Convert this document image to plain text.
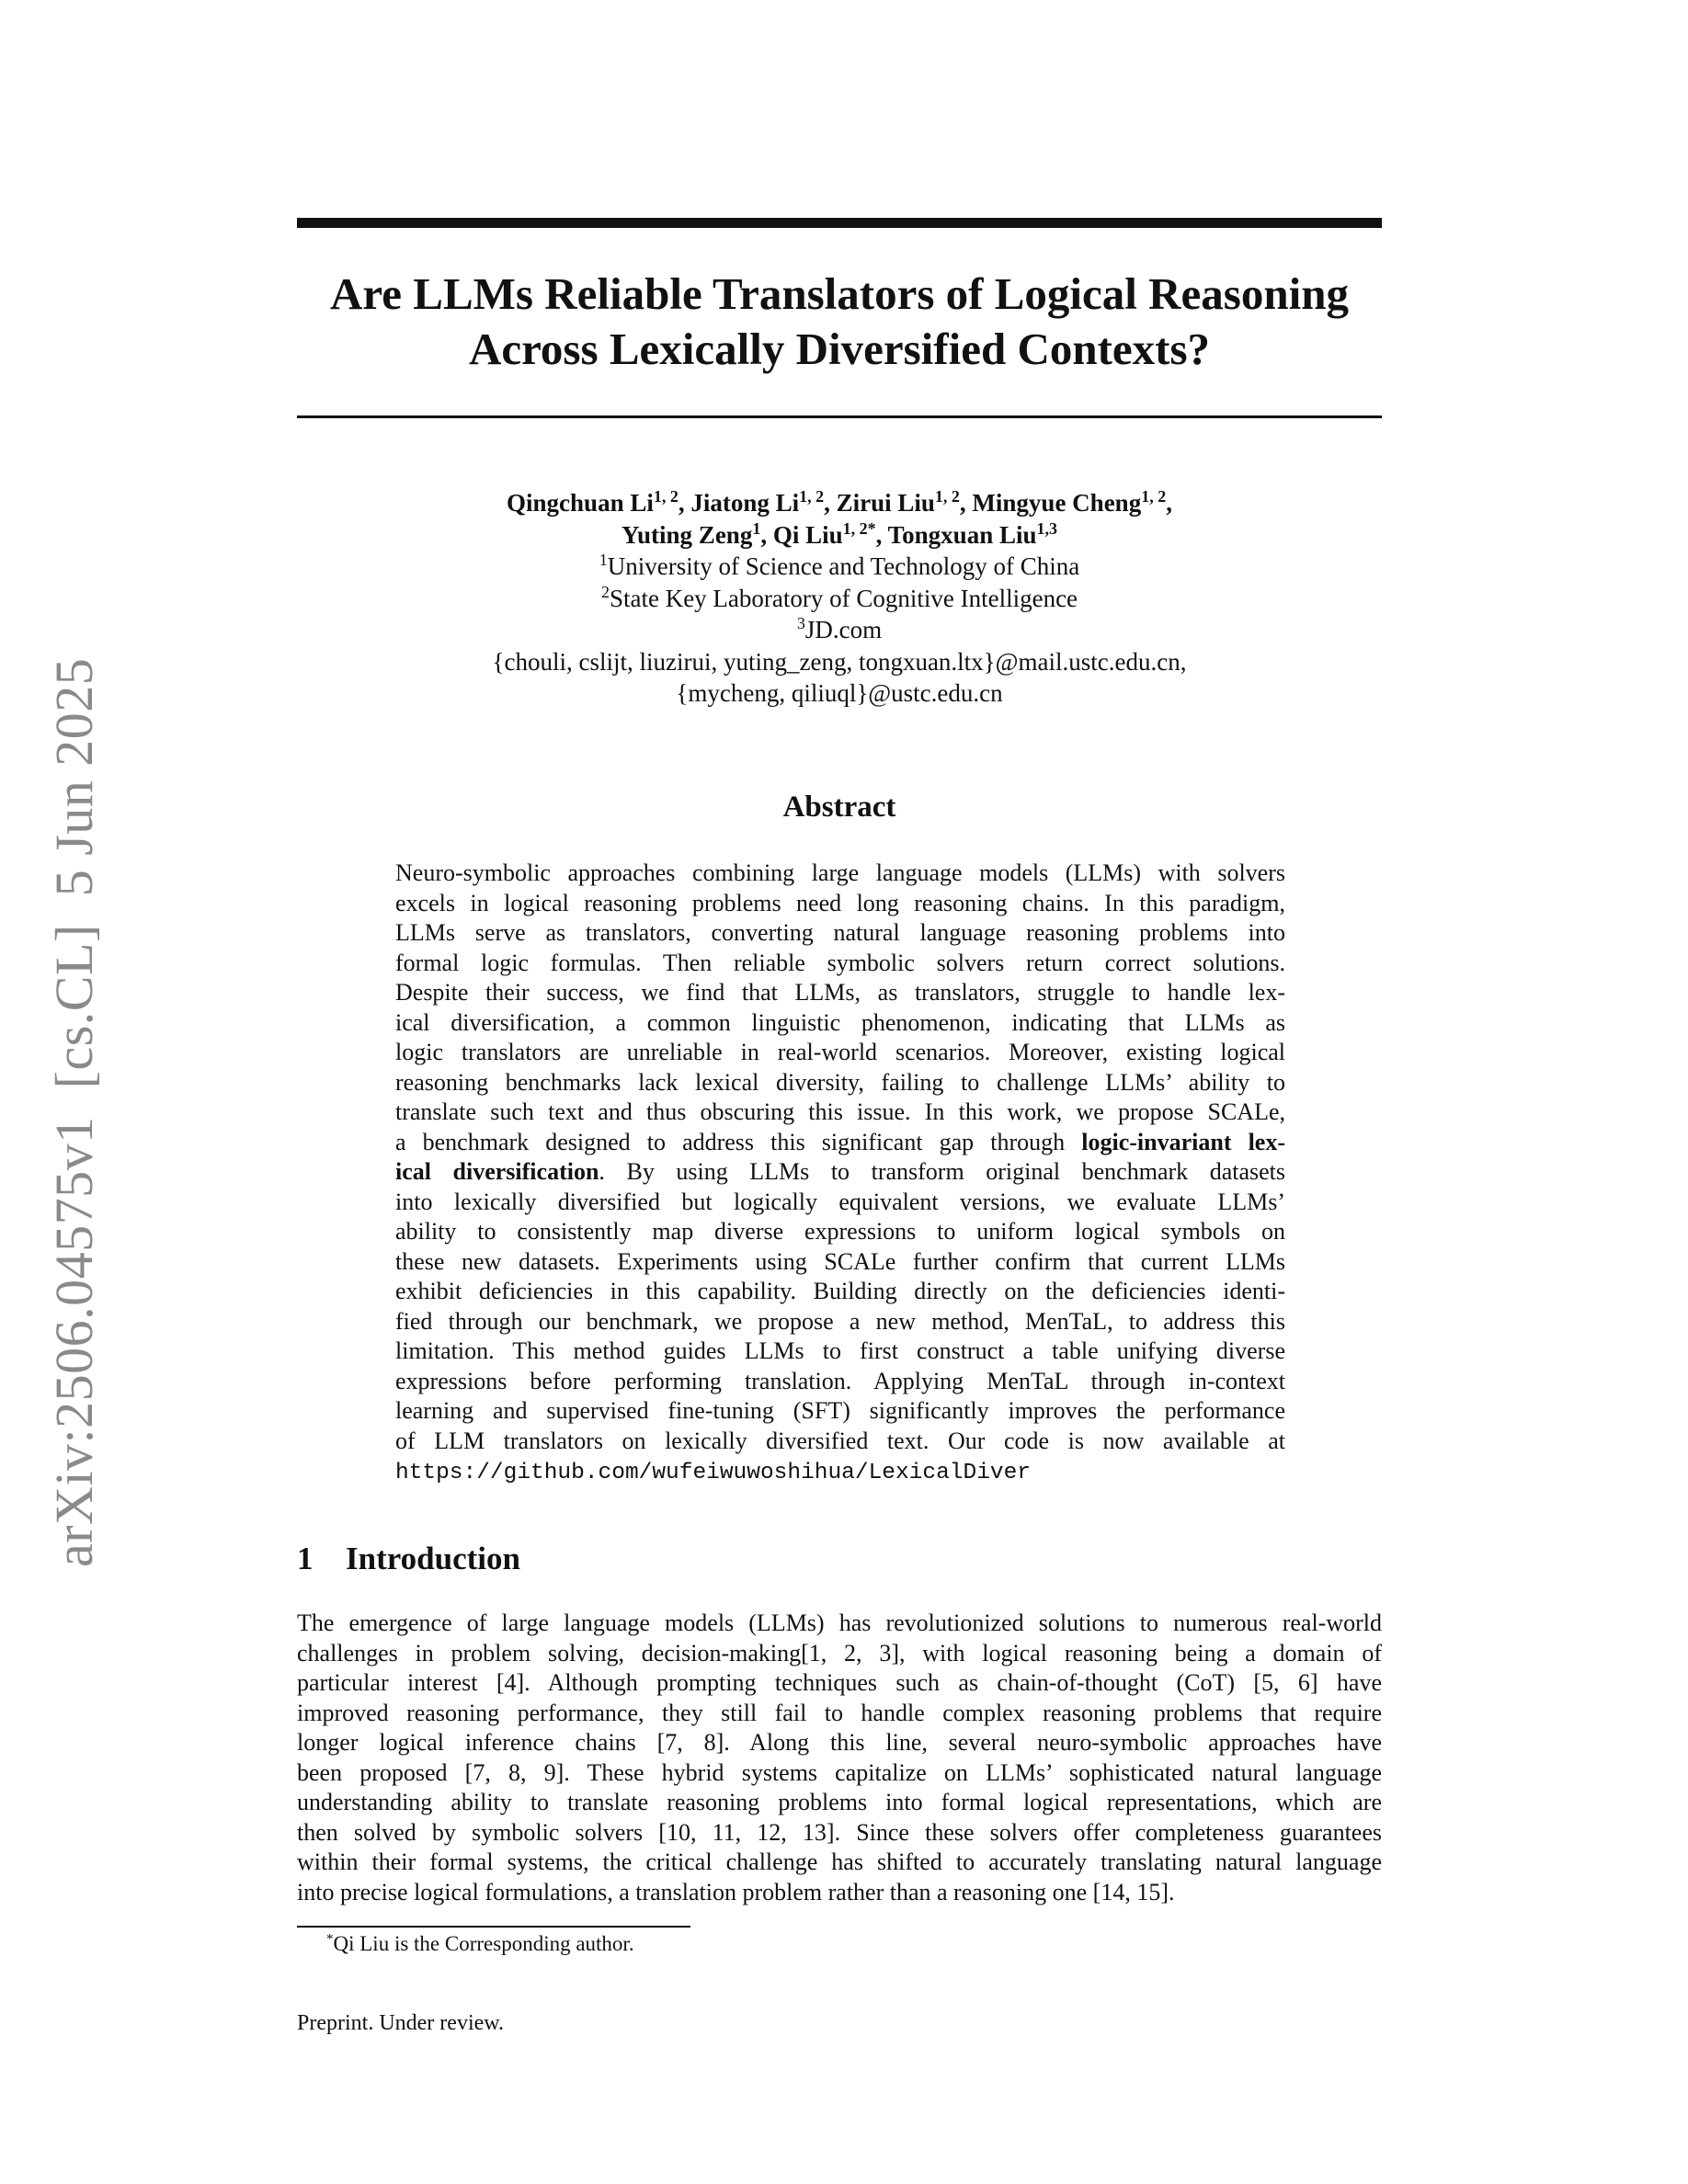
arXiv:2506.04575v1  [cs.CL]  5 Jun 2025
Are LLMs Reliable Translators of Logical Reasoning
Across Lexically Diversified Contexts?
Qingchuan Li$^{1, 2}$, Jiatong Li$^{1, 2}$, Zirui Liu$^{1, 2}$, Mingyue Cheng$^{1, 2}$,
Yuting Zeng$^1$, Qi Liu$^{1, 2*}$, Tongxuan Liu$^{1,3}$
$^1$University of Science and Technology of China
$^2$State Key Laboratory of Cognitive Intelligence
$^3$JD.com
{chouli, cslijt, liuzirui, yuting_zeng, tongxuan.ltx}@mail.ustc.edu.cn,
{mycheng, qiliuql}@ustc.edu.cn
Abstract
Neuro-symbolic approaches combining large language models (LLMs) with solvers
excels in logical reasoning problems need long reasoning chains. In this paradigm,
LLMs serve as translators, converting natural language reasoning problems into
formal logic formulas. Then reliable symbolic solvers return correct solutions.
Despite their success, we find that LLMs, as translators, struggle to handle lex-
ical diversification, a common linguistic phenomenon, indicating that LLMs as
logic translators are unreliable in real-world scenarios. Moreover, existing logical
reasoning benchmarks lack lexical diversity, failing to challenge LLMs’ ability to
translate such text and thus obscuring this issue. In this work, we propose SCALe,
a benchmark designed to address this significant gap through logic-invariant lex-
ical diversification. By using LLMs to transform original benchmark datasets
into lexically diversified but logically equivalent versions, we evaluate LLMs’
ability to consistently map diverse expressions to uniform logical symbols on
these new datasets. Experiments using SCALe further confirm that current LLMs
exhibit deficiencies in this capability. Building directly on the deficiencies identi-
fied through our benchmark, we propose a new method, MenTaL, to address this
limitation. This method guides LLMs to first construct a table unifying diverse
expressions before performing translation. Applying MenTaL through in-context
learning and supervised fine-tuning (SFT) significantly improves the performance
of LLM translators on lexically diversified text. Our code is now available at
https://github.com/wufeiwuwoshihua/LexicalDiver
1 Introduction
The emergence of large language models (LLMs) has revolutionized solutions to numerous real-world
challenges in problem solving, decision-making[1, 2, 3], with logical reasoning being a domain of
particular interest [4]. Although prompting techniques such as chain-of-thought (CoT) [5, 6] have
improved reasoning performance, they still fail to handle complex reasoning problems that require
longer logical inference chains [7, 8]. Along this line, several neuro-symbolic approaches have
been proposed [7, 8, 9]. These hybrid systems capitalize on LLMs’ sophisticated natural language
understanding ability to translate reasoning problems into formal logical representations, which are
then solved by symbolic solvers [10, 11, 12, 13]. Since these solvers offer completeness guarantees
within their formal systems, the critical challenge has shifted to accurately translating natural language
into precise logical formulations, a translation problem rather than a reasoning one [14, 15].
*Qi Liu is the Corresponding author.
Preprint. Under review.
